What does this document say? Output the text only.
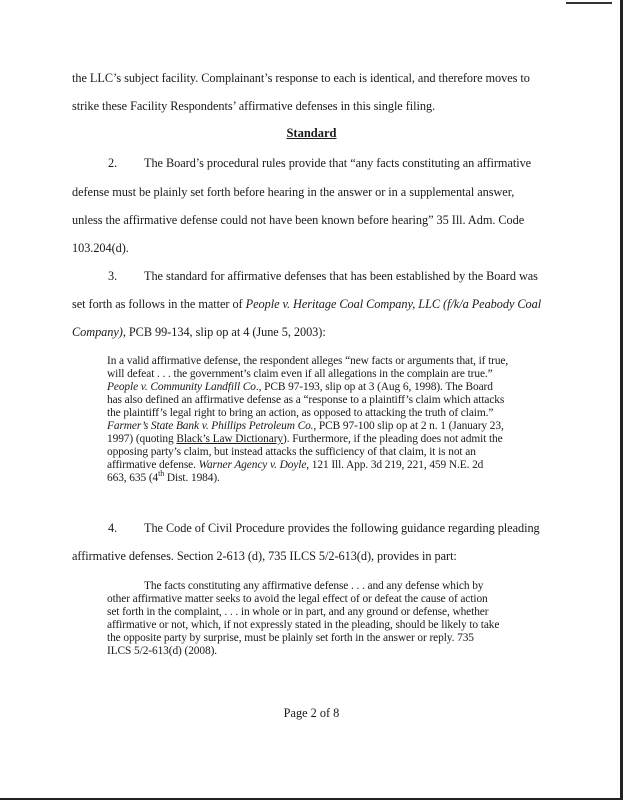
the LLC’s subject facility. Complainant’s response to each is identical, and therefore moves to
strike these Facility Respondents’ affirmative defenses in this single filing.
Standard
2. The Board’s procedural rules provide that “any facts constituting an affirmative
defense must be plainly set forth before hearing in the answer or in a supplemental answer,
unless the affirmative defense could not have been known before hearing” 35 Ill. Adm. Code
103.204(d).
3. The standard for affirmative defenses that has been established by the Board was
set forth as follows in the matter of People v. Heritage Coal Company, LLC (f/k/a Peabody Coal
Company), PCB 99-134, slip op at 4 (June 5, 2003):
In a valid affirmative defense, the respondent alleges “new facts or arguments that, if true,
will defeat . . . the government’s claim even if all allegations in the complain are true.”
People v. Community Landfill Co., PCB 97-193, slip op at 3 (Aug 6, 1998). The Board
has also defined an affirmative defense as a “response to a plaintiff’s claim which attacks
the plaintiff’s legal right to bring an action, as opposed to attacking the truth of claim.”
Farmer’s State Bank v. Phillips Petroleum Co., PCB 97-100 slip op at 2 n. 1 (January 23,
1997) (quoting Black’s Law Dictionary). Furthermore, if the pleading does not admit the
opposing party’s claim, but instead attacks the sufficiency of that claim, it is not an
affirmative defense. Warner Agency v. Doyle, 121 Ill. App. 3d 219, 221, 459 N.E. 2d
663, 635 (4th Dist. 1984).
4. The Code of Civil Procedure provides the following guidance regarding pleading
affirmative defenses. Section 2-613 (d), 735 ILCS 5/2-613(d), provides in part:
The facts constituting any affirmative defense . . . and any defense which by
other affirmative matter seeks to avoid the legal effect of or defeat the cause of action
set forth in the complaint, . . . in whole or in part, and any ground or defense, whether
affirmative or not, which, if not expressly stated in the pleading, should be likely to take
the opposite party by surprise, must be plainly set forth in the answer or reply. 735
ILCS 5/2-613(d) (2008).
Page 2 of 8
